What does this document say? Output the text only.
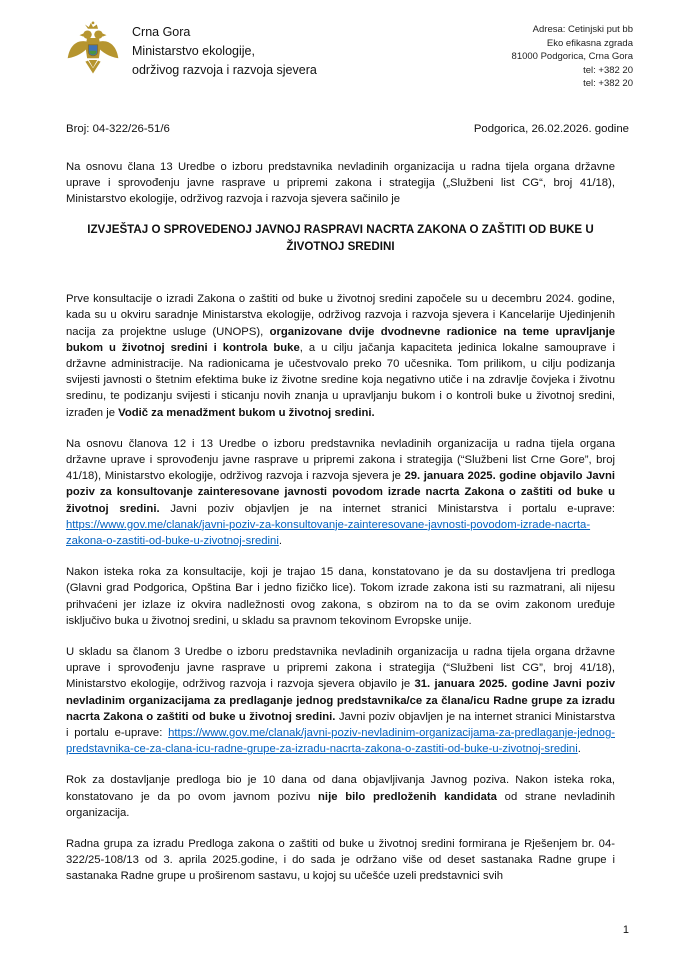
Crna Gora
Ministarstvo ekologije,
održivog razvoja i razvoja sjevera
Adresa: Cetinjski put bb
Eko efikasna zgrada
81000 Podgorica, Crna Gora
tel: +382 20
tel: +382 20
Broj: 04-322/26-51/6	Podgorica, 26.02.2026. godine

Na osnovu člana 13 Uredbe o izboru predstavnika nevladinih organizacija u radna tijela organa državne uprave i sprovođenju javne rasprave u pripremi zakona i strategija („Službeni list CG“, broj 41/18), Ministarstvo ekologije, održivog razvoja i razvoja sjevera sačinilo je

IZVJEŠTAJ O SPROVEDENOJ JAVNOJ RASPRAVI NACRTA ZAKONA O ZAŠTITI OD BUKE U ŽIVOTNOJ SREDINI

Prve konsultacije o izradi Zakona o zaštiti od buke u životnoj sredini započele su u decembru 2024. godine, kada su u okviru saradnje Ministarstva ekologije, održivog razvoja i razvoja sjevera i Kancelarije Ujedinjenih nacija za projektne usluge (UNOPS), organizovane dvije dvodnevne radionice na teme upravljanje bukom u životnoj sredini i kontrola buke, a u cilju jačanja kapaciteta jedinica lokalne samouprave i državne administracije. Na radionicama je učestvovalo preko 70 učesnika. Tom prilikom, u cilju podizanja svijesti javnosti o štetnim efektima buke iz životne sredine koja negativno utiče i na zdravlje čovjeka i životnu sredinu, te podizanju svijesti i sticanju novih znanja u upravljanju bukom i o kontroli buke u životnoj sredini, izrađen je Vodič za menadžment bukom u životnoj sredini.

Na osnovu članova 12 i 13 Uredbe o izboru predstavnika nevladinih organizacija u radna tijela organa državne uprave i sprovođenju javne rasprave u pripremi zakona i strategija (“Službeni list Crne Gore”, broj 41/18), Ministarstvo ekologije, održivog razvoja i razvoja sjevera je 29. januara 2025. godine objavilo Javni poziv za konsultovanje zainteresovane javnosti povodom izrade nacrta Zakona o zaštiti od buke u životnoj sredini. Javni poziv objavljen je na internet stranici Ministarstva i portalu e-uprave: https://www.gov.me/clanak/javni-poziv-za-konsultovanje-zainteresovane-javnosti-povodom-izrade-nacrta-zakona-o-zastiti-od-buke-u-zivotnoj-sredini.

Nakon isteka roka za konsultacije, koji je trajao 15 dana, konstatovano je da su dostavljena tri predloga (Glavni grad Podgorica, Opština Bar i jedno fizičko lice). Tokom izrade zakona isti su razmatrani, ali nijesu prihvaćeni jer izlaze iz okvira nadležnosti ovog zakona, s obzirom na to da se ovim zakonom uređuje isključivo buka u životnoj sredini, u skladu sa pravnom tekovinom Evropske unije.

U skladu sa članom 3 Uredbe o izboru predstavnika nevladinih organizacija u radna tijela organa državne uprave i sprovođenju javne rasprave u pripremi zakona i strategija (“Službeni list CG”, broj 41/18), Ministarstvo ekologije, održivog razvoja i razvoja sjevera objavilo je 31. januara 2025. godine Javni poziv nevladinim organizacijama za predlaganje jednog predstavnika/ce za člana/icu Radne grupe za izradu nacrta Zakona o zaštiti od buke u životnoj sredini. Javni poziv objavljen je na internet stranici Ministarstva i portalu e-uprave: https://www.gov.me/clanak/javni-poziv-nevladinim-organizacijama-za-predlaganje-jednog-predstavnika-ce-za-clana-icu-radne-grupe-za-izradu-nacrta-zakona-o-zastiti-od-buke-u-zivotnoj-sredini.

Rok za dostavljanje predloga bio je 10 dana od dana objavljivanja Javnog poziva. Nakon isteka roka, konstatovano je da po ovom javnom pozivu nije bilo predloženih kandidata od strane nevladinih organizacija.

Radna grupa za izradu Predloga zakona o zaštiti od buke u životnoj sredini formirana je Rješenjem br. 04-322/25-108/13 od 3. aprila 2025.godine, i do sada je održano više od deset sastanaka Radne grupe i sastanaka Radne grupe u proširenom sastavu, u kojoj su učešće uzeli predstavnici svih

1
